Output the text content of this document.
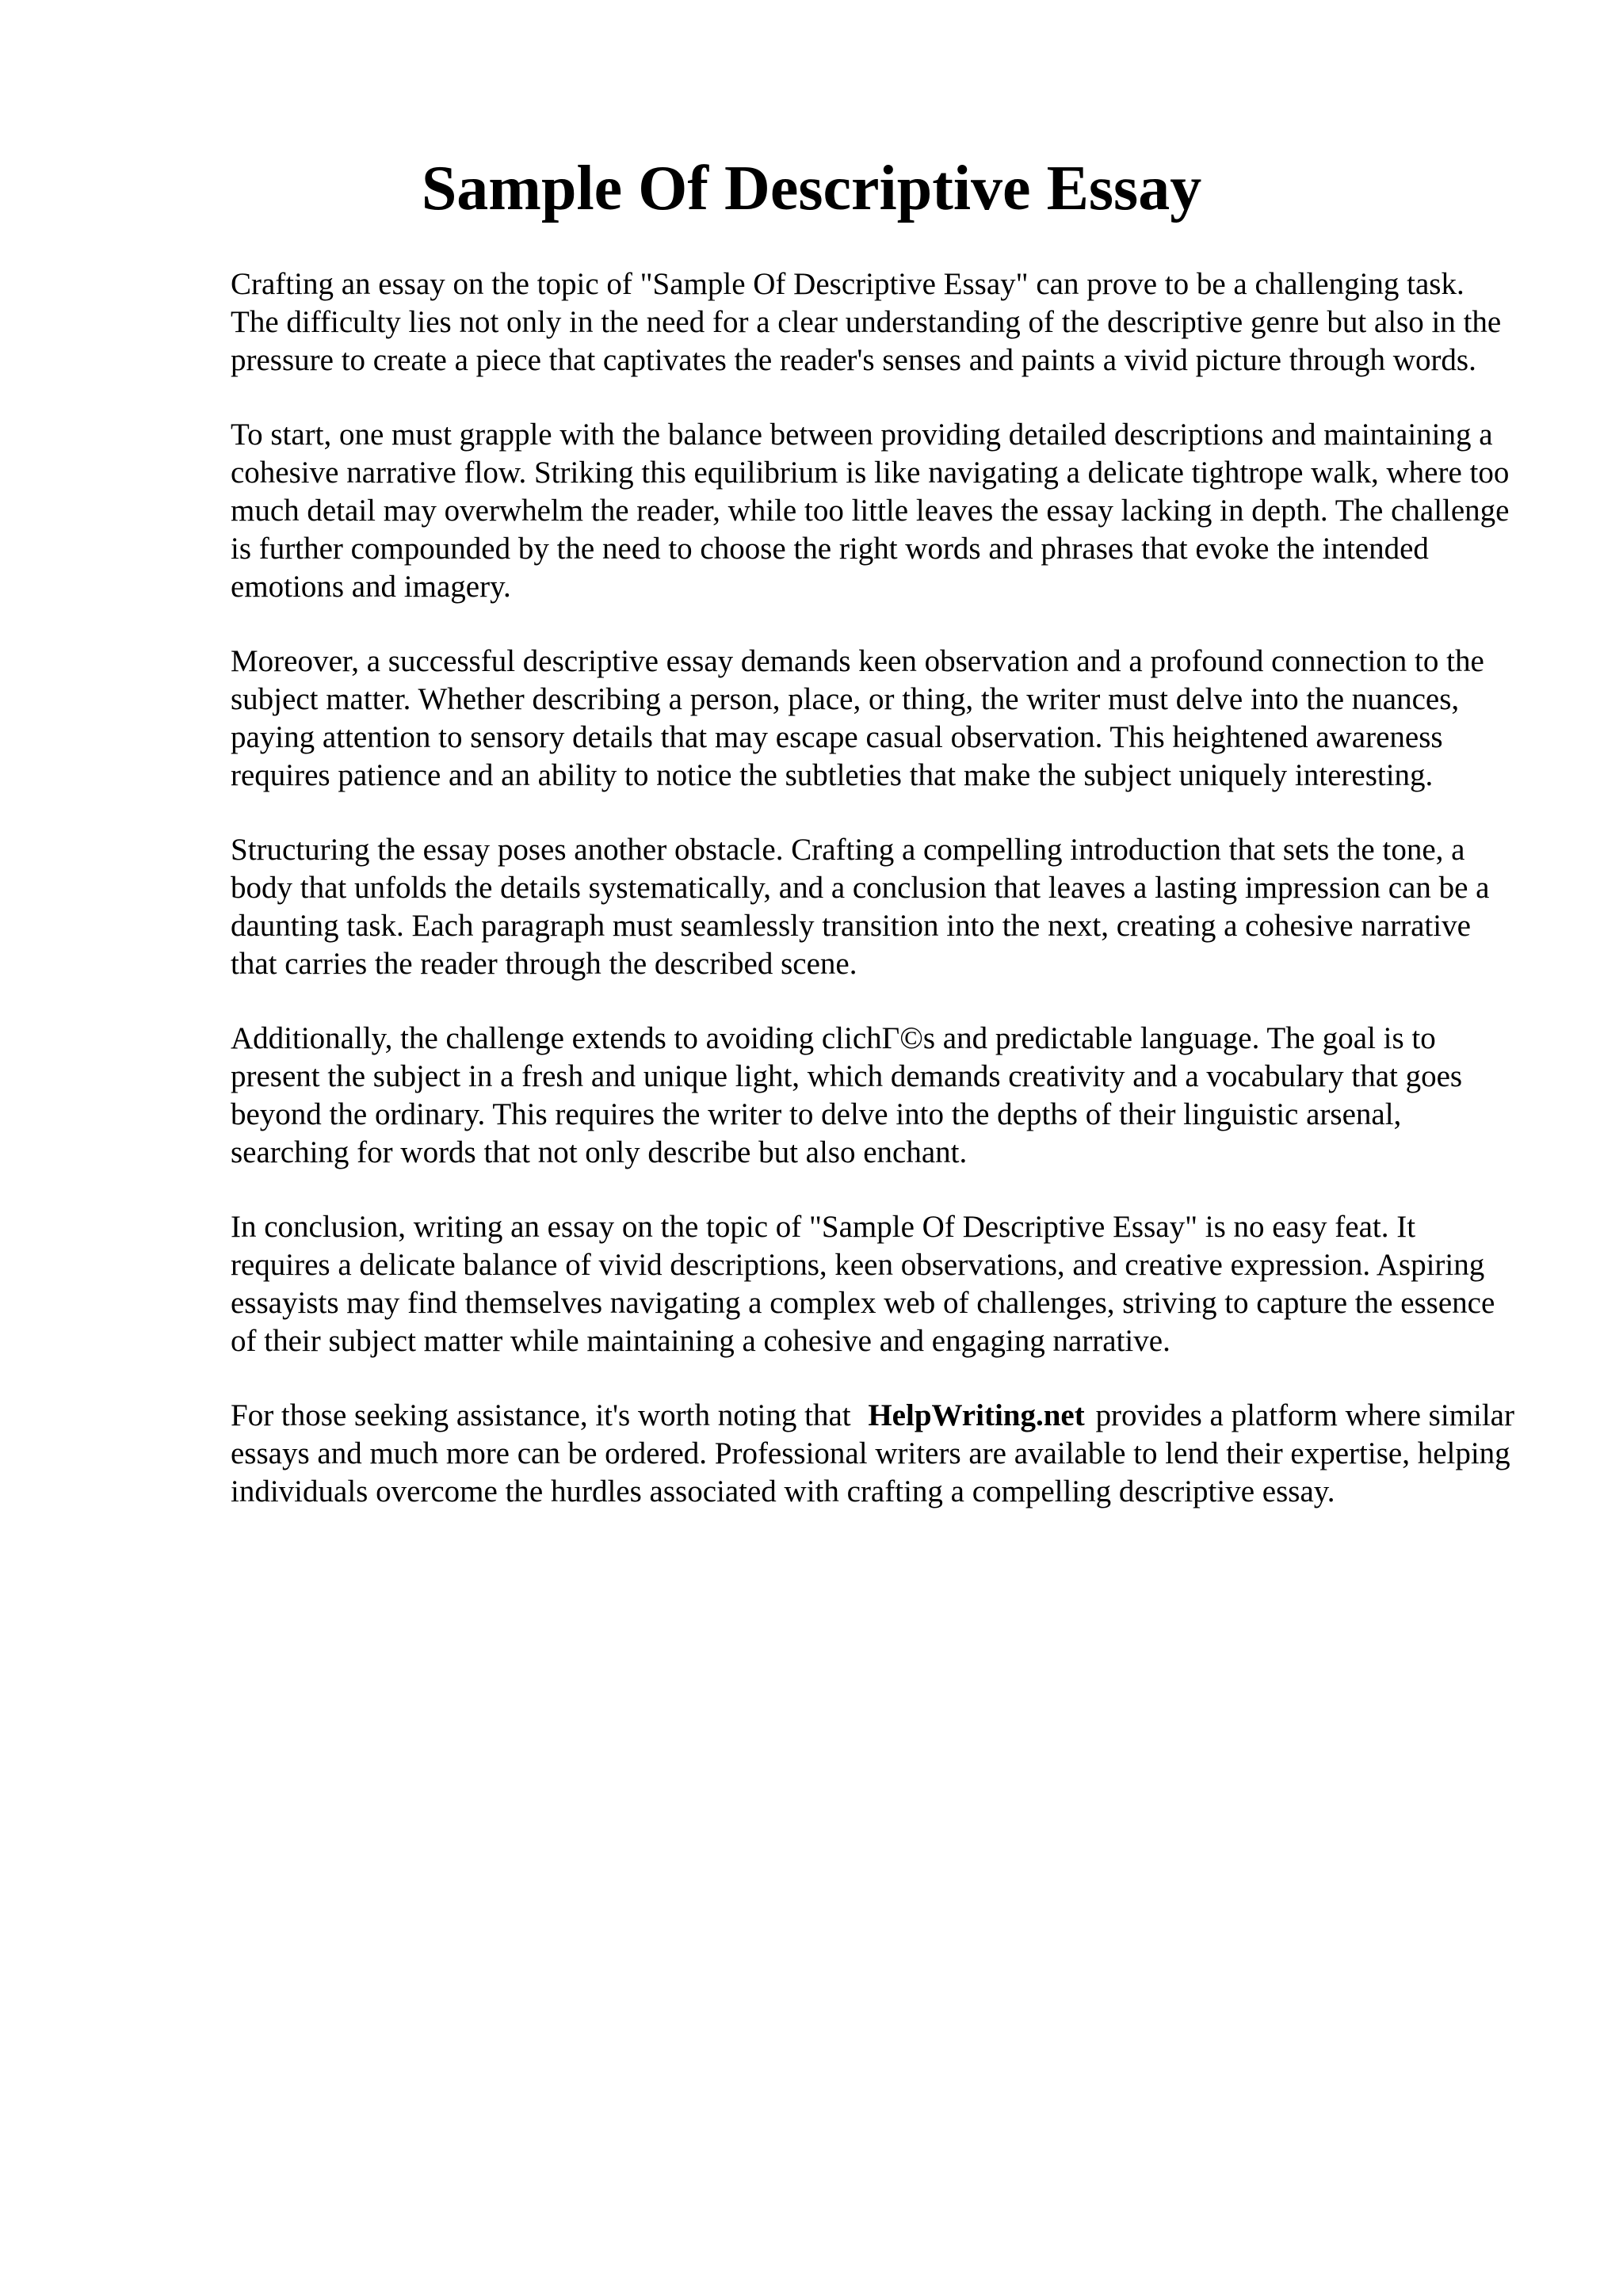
Sample Of Descriptive Essay

Crafting an essay on the topic of "Sample Of Descriptive Essay" can prove to be a challenging task. The difficulty lies not only in the need for a clear understanding of the descriptive genre but also in the pressure to create a piece that captivates the reader's senses and paints a vivid picture through words.

To start, one must grapple with the balance between providing detailed descriptions and maintaining a cohesive narrative flow. Striking this equilibrium is like navigating a delicate tightrope walk, where too much detail may overwhelm the reader, while too little leaves the essay lacking in depth. The challenge is further compounded by the need to choose the right words and phrases that evoke the intended emotions and imagery.

Moreover, a successful descriptive essay demands keen observation and a profound connection to the subject matter. Whether describing a person, place, or thing, the writer must delve into the nuances, paying attention to sensory details that may escape casual observation. This heightened awareness requires patience and an ability to notice the subtleties that make the subject uniquely interesting.

Structuring the essay poses another obstacle. Crafting a compelling introduction that sets the tone, a body that unfolds the details systematically, and a conclusion that leaves a lasting impression can be a daunting task. Each paragraph must seamlessly transition into the next, creating a cohesive narrative that carries the reader through the described scene.

Additionally, the challenge extends to avoiding clichГ©s and predictable language. The goal is to present the subject in a fresh and unique light, which demands creativity and a vocabulary that goes beyond the ordinary. This requires the writer to delve into the depths of their linguistic arsenal, searching for words that not only describe but also enchant.

In conclusion, writing an essay on the topic of "Sample Of Descriptive Essay" is no easy feat. It requires a delicate balance of vivid descriptions, keen observations, and creative expression. Aspiring essayists may find themselves navigating a complex web of challenges, striving to capture the essence of their subject matter while maintaining a cohesive and engaging narrative.

For those seeking assistance, it's worth noting that HelpWriting.net provides a platform where similar essays and much more can be ordered. Professional writers are available to lend their expertise, helping individuals overcome the hurdles associated with crafting a compelling descriptive essay.
